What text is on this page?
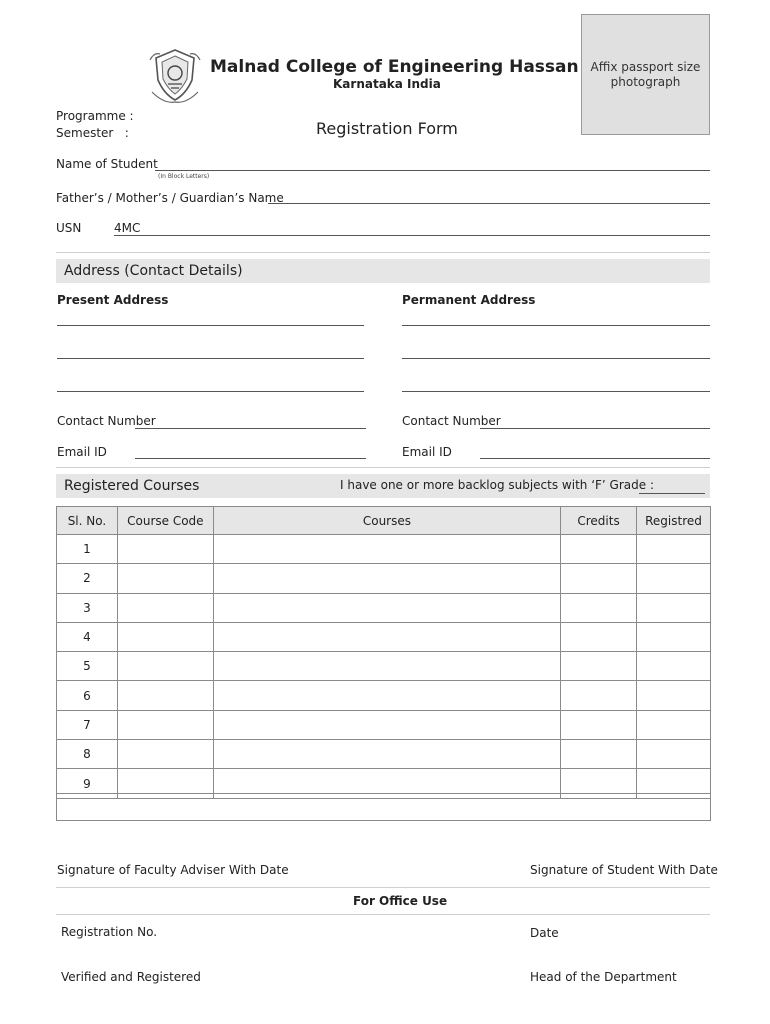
Malnad College of Engineering Hassan
Karnataka India
Affix passport size
photograph
Programme :
Semester   :	Registration Form
Name of Student
(In Block Letters)
Father’s / Mother’s / Guardian’s Name
USN	4MC
Address (Contact Details)
Present Address	Permanent Address
Contact Number	Contact Number
Email ID	Email ID
Registered Courses	I have one or more backlog subjects with ‘F’ Grade :
Sl. No.	Course Code	Courses	Credits	Registred
1				
2				
3				
4				
5				
6				
7				
8				
9				
Signature of Faculty Adviser With Date	Signature of Student With Date
For Office Use
Registration No.	Date
Verified and Registered	Head of the Department
